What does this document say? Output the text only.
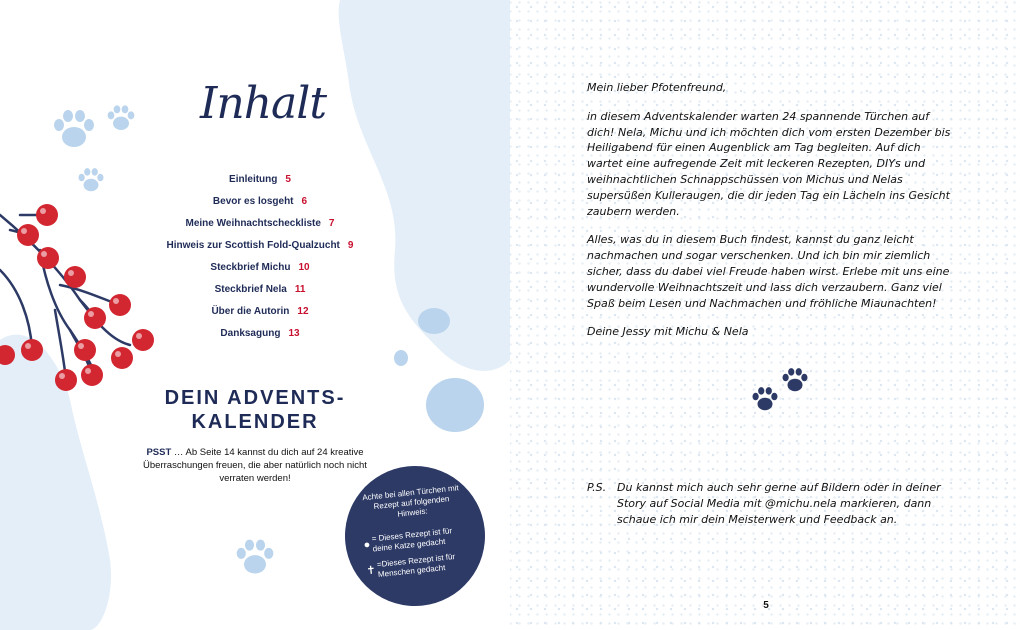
Inhalt
Einleitung 5
Bevor es losgeht 6
Meine Weihnachtscheckliste 7
Hinweis zur Scottish Fold-Qualzucht 9
Steckbrief Michu 10
Steckbrief Nela 11
Über die Autorin 12
Danksagung 13
DEIN ADVENTS-
KALENDER
PSST … Ab Seite 14 kannst du dich auf 24 kreative Überraschungen freuen, die aber natürlich noch nicht verraten werden!
Achte bei allen Türchen mit Rezept auf folgenden Hinweis:
●
= Dieses Rezept ist für deine Katze gedacht
✝
=Dieses Rezept ist für Menschen gedacht

Mein lieber Pfotenfreund,

in diesem Adventskalender warten 24 spannende Türchen auf dich! Nela, Michu und ich möchten dich vom ersten Dezember bis Heiligabend für einen Augenblick am Tag begleiten. Auf dich wartet eine aufregende Zeit mit leckeren Rezepten, DIYs und weihnachtlichen Schnappschüssen von Michus und Nelas supersüßen Kulleraugen, die dir jeden Tag ein Lächeln ins Gesicht zaubern werden.

Alles, was du in diesem Buch findest, kannst du ganz leicht nachmachen und sogar verschenken. Und ich bin mir ziemlich sicher, dass du dabei viel Freude haben wirst. Erlebe mit uns eine wundervolle Weihnachtszeit und lass dich verzaubern. Ganz viel Spaß beim Lesen und Nachmachen und fröhliche Miaunachten!

Deine Jessy mit Michu & Nela

P.S. Du kannst mich auch sehr gerne auf Bildern oder in deiner Story auf Social Media mit @michu.nela markieren, dann schaue ich mir dein Meisterwerk und Feedback an.
5
